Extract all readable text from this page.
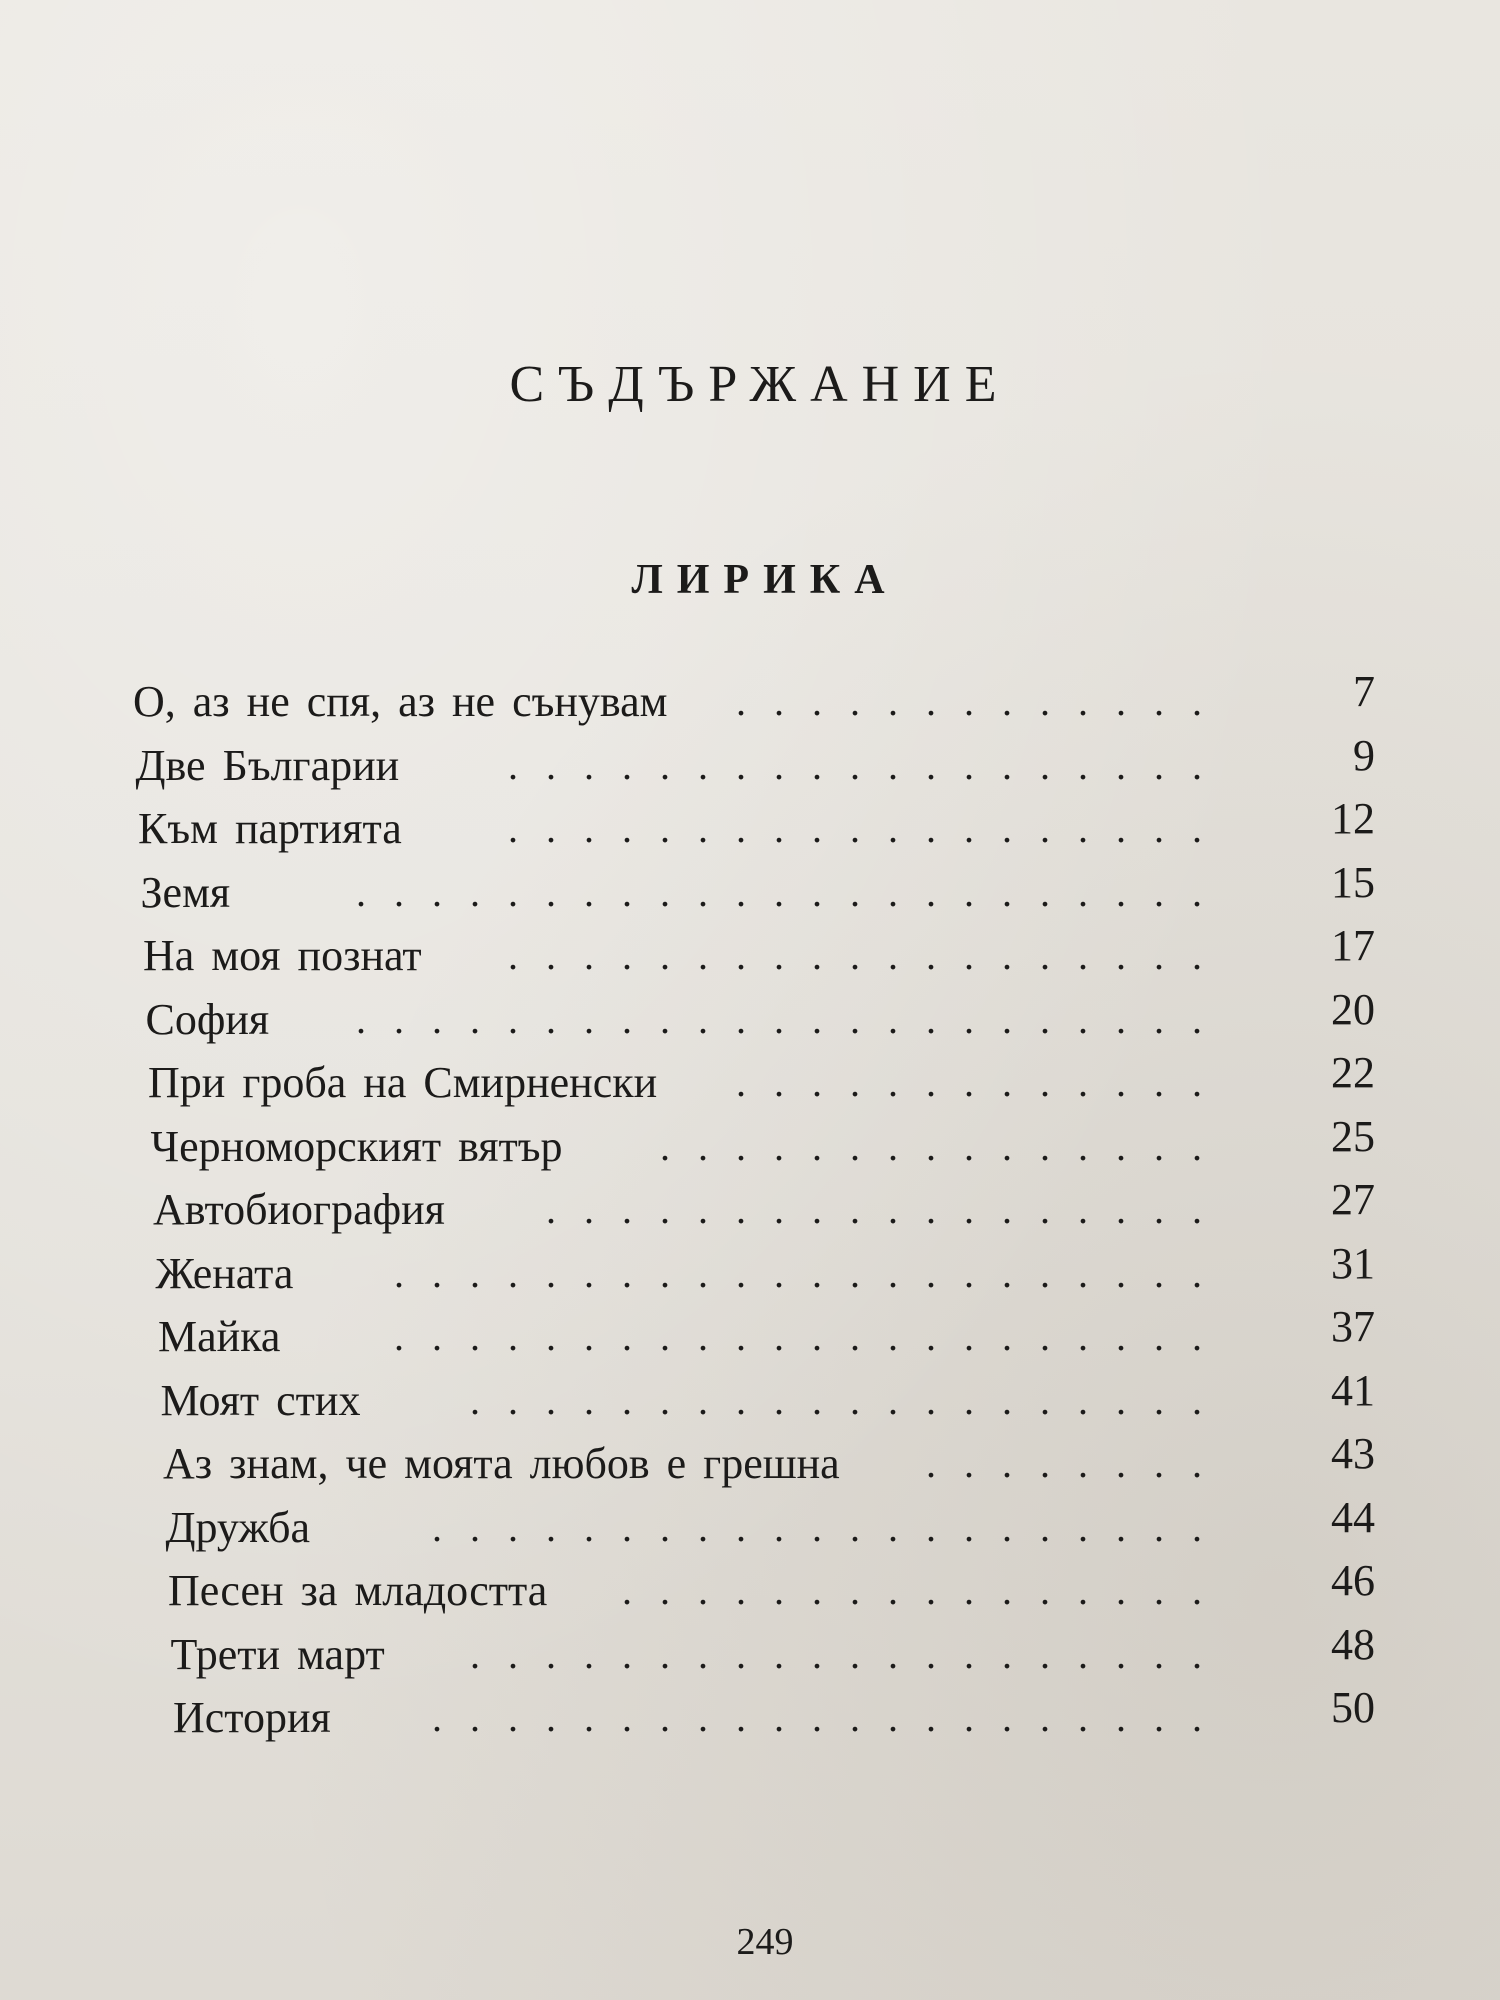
СЪДЪРЖАНИЕ
ЛИРИКА
О, аз не спя, аз не сънувам	.............	7
Две Българии	...................	9
Към партията	...................	12
Земя	.......................	15
На моя познат	...................	17
София	.......................	20
При гроба на Смирненски	.............	22
Черноморският вятър	...............	25
Автобиография	..................	27
Жената	......................	31
Майка	......................	37
Моят стих	....................	41
Аз знам, че моята любов е грешна	........	43
Дружба	.....................	44
Песен за младостта	................	46
Трети март	....................	48
История	.....................	50

249
